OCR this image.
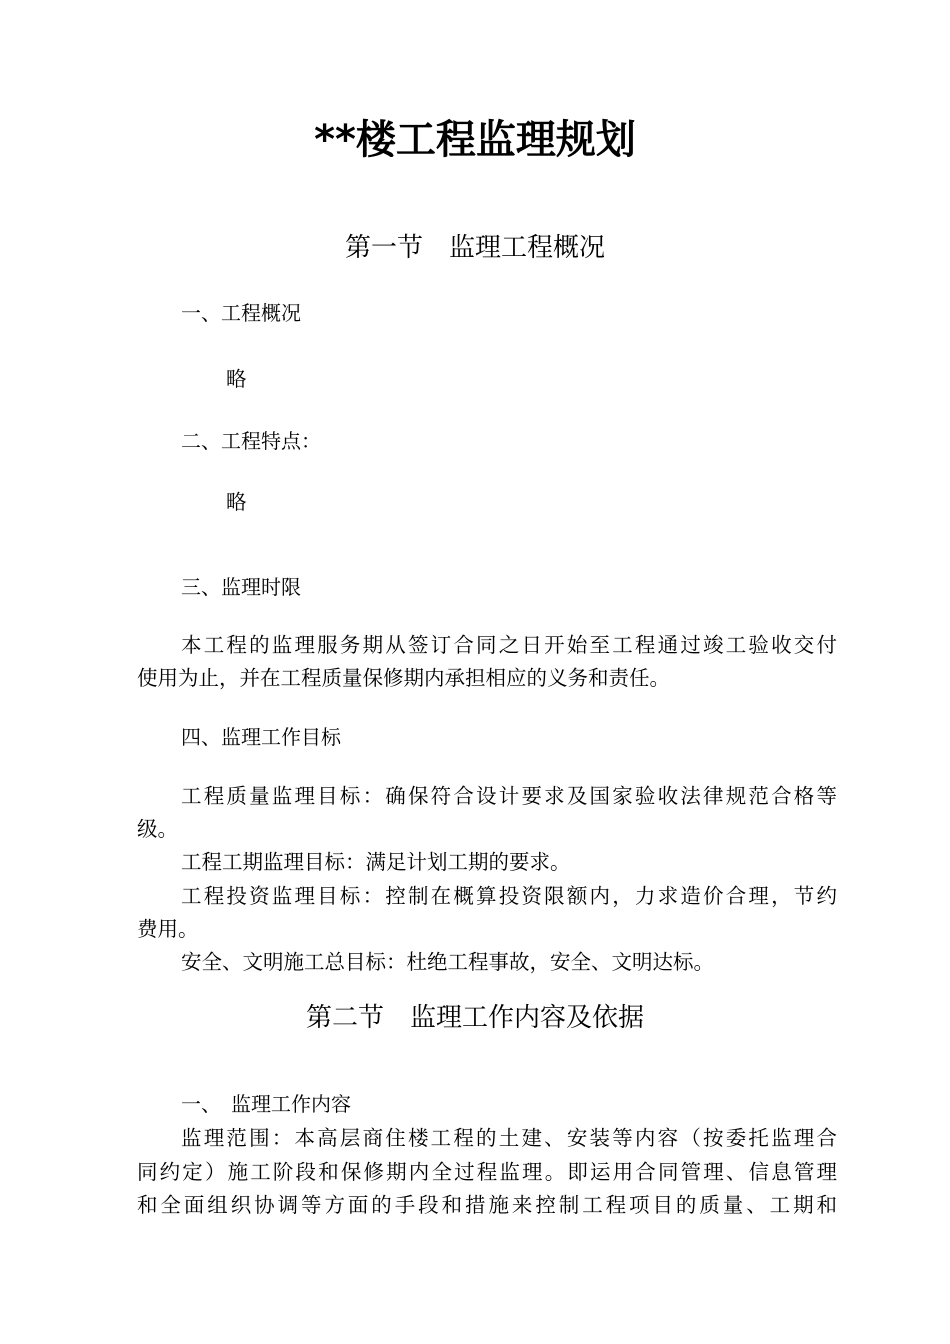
**楼工程监理规划
第一节　监理工程概况
一、工程概况
略
二、工程特点：
略
三、监理时限
本工程的监理服务期从签订合同之日开始至工程通过竣工验收交付
使用为止，并在工程质量保修期内承担相应的义务和责任。
四、监理工作目标
工程质量监理目标：确保符合设计要求及国家验收法律规范合格等
级。
工程工期监理目标：满足计划工期的要求。
工程投资监理目标：控制在概算投资限额内，力求造价合理，节约
费用。
安全、文明施工总目标：杜绝工程事故，安全、文明达标。
第二节　监理工作内容及依据
一、　监理工作内容
监理范围：本高层商住楼工程的土建、安装等内容（按委托监理合
同约定）施工阶段和保修期内全过程监理。即运用合同管理、信息管理
和全面组织协调等方面的手段和措施来控制工程项目的质量、工期和
